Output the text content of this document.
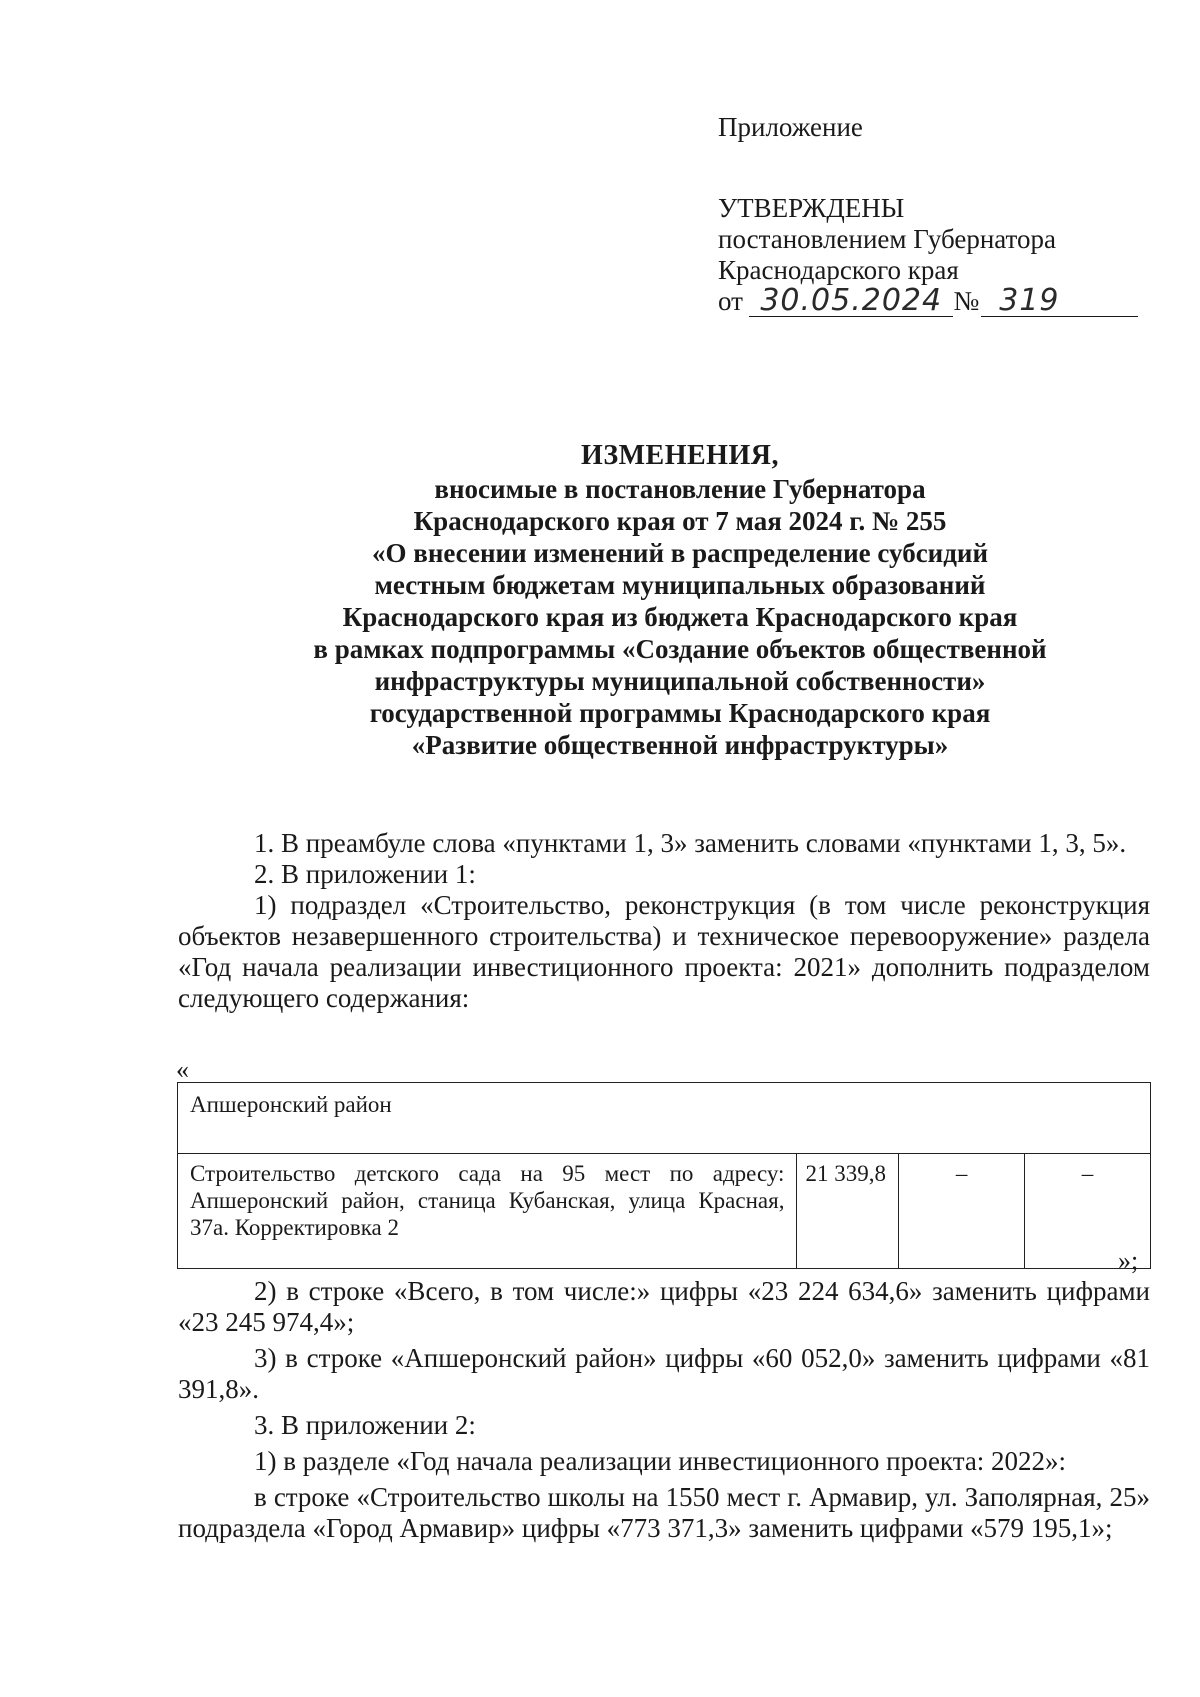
Приложение
УТВЕРЖДЕНЫ
постановлением Губернатора
Краснодарского края
от 30.05.2024 № 319
ИЗМЕНЕНИЯ,
вносимые в постановление Губернатора
Краснодарского края от 7 мая 2024 г. № 255
«О внесении изменений в распределение субсидий
местным бюджетам муниципальных образований
Краснодарского края из бюджета Краснодарского края
в рамках подпрограммы «Создание объектов общественной
инфраструктуры муниципальной собственности»
государственной программы Краснодарского края
«Развитие общественной инфраструктуры»

1. В преамбуле слова «пунктами 1, 3» заменить словами «пунктами 1, 3, 5».

2. В приложении 1:

1) подраздел «Строительство, реконструкция (в том числе реконструкция объектов незавершенного строительства) и техническое перевооружение» раздела «Год начала реализации инвестиционного проекта: 2021» дополнить подразделом следующего содержания:

«
Апшеронский район
Строительство детского сада на 95 мест по адресу: Апшеронский район, станица Кубанская, улица Красная, 37а. Корректировка 2	21 339,8	–	–
»;

2) в строке «Всего, в том числе:» цифры «23 224 634,6» заменить цифрами «23 245 974,4»;

3) в строке «Апшеронский район» цифры «60 052,0» заменить цифрами «81 391,8».

3. В приложении 2:

1) в разделе «Год начала реализации инвестиционного проекта: 2022»:

в строке «Строительство школы на 1550 мест г. Армавир, ул. Заполярная, 25» подраздела «Город Армавир» цифры «773 371,3» заменить цифрами «579 195,1»;
